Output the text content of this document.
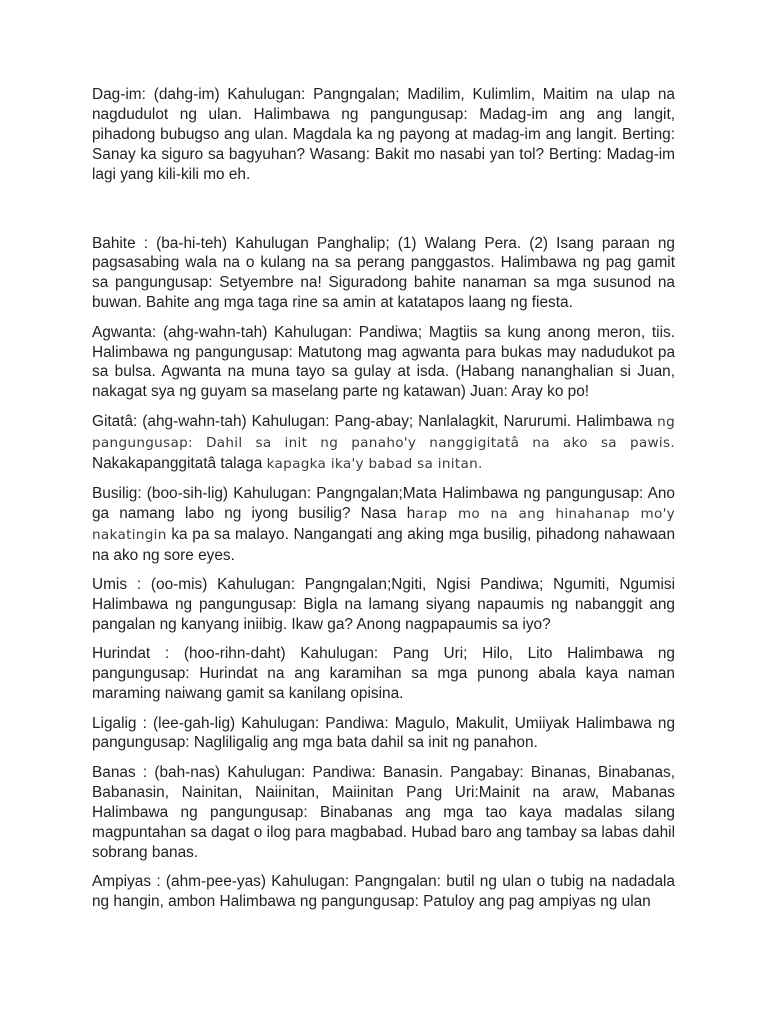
Dag-im: (dahg-im) Kahulugan: Pangngalan; Madilim, Kulimlim, Maitim na ulap na nagdudulot ng ulan. Halimbawa ng pangungusap: Madag-im ang ang langit, pihadong bubugso ang ulan. Magdala ka ng payong at madag-im ang langit. Berting: Sanay ka siguro sa bagyuhan? Wasang: Bakit mo nasabi yan tol? Berting: Madag-im lagi yang kili-kili mo eh.

Bahite : (ba-hi-teh) Kahulugan Panghalip; (1) Walang Pera. (2) Isang paraan ng pagsasabing wala na o kulang na sa perang panggastos. Halimbawa ng pag gamit sa pangungusap: Setyembre na! Siguradong bahite nanaman sa mga susunod na buwan. Bahite ang mga taga rine sa amin at katatapos laang ng fiesta.

Agwanta: (ahg-wahn-tah) Kahulugan: Pandiwa; Magtiis sa kung anong meron, tiis. Halimbawa ng pangungusap: Matutong mag agwanta para bukas may nadudukot pa sa bulsa. Agwanta na muna tayo sa gulay at isda. (Habang nananghalian si Juan, nakagat sya ng guyam sa maselang parte ng katawan) Juan: Aray ko po!

Gitatâ: (ahg-wahn-tah) Kahulugan: Pang-abay; Nanlalagkit, Narurumi. Halimbawa ng pangungusap: Dahil sa init ng panaho'y nanggigitatâ na ako sa pawis. Nakakapanggitatâ talaga kapagka ika'y babad sa initan.

Busilig: (boo-sih-lig) Kahulugan: Pangngalan;Mata Halimbawa ng pangungusap: Ano ga namang labo ng iyong busilig? Nasa harap mo na ang hinahanap mo'y nakatingin ka pa sa malayo. Nangangati ang aking mga busilig, pihadong nahawaan na ako ng sore eyes.

Umis : (oo-mis) Kahulugan: Pangngalan;Ngiti, Ngisi Pandiwa; Ngumiti, Ngumisi Halimbawa ng pangungusap: Bigla na lamang siyang napaumis ng nabanggit ang pangalan ng kanyang iniibig. Ikaw ga? Anong nagpapaumis sa iyo?

Hurindat : (hoo-rihn-daht) Kahulugan: Pang Uri; Hilo, Lito Halimbawa ng pangungusap: Hurindat na ang karamihan sa mga punong abala kaya naman maraming naiwang gamit sa kanilang opisina.

Ligalig : (lee-gah-lig) Kahulugan: Pandiwa: Magulo, Makulit, Umiiyak Halimbawa ng pangungusap: Nagliligalig ang mga bata dahil sa init ng panahon.

Banas : (bah-nas) Kahulugan: Pandiwa: Banasin. Pangabay: Binanas, Binabanas, Babanasin, Nainitan, Naiinitan, Maiinitan Pang Uri:Mainit na araw, Mabanas Halimbawa ng pangungusap: Binabanas ang mga tao kaya madalas silang magpuntahan sa dagat o ilog para magbabad. Hubad baro ang tambay sa labas dahil sobrang banas.

Ampiyas : (ahm-pee-yas) Kahulugan: Pangngalan: butil ng ulan o tubig na nadadala ng hangin, ambon Halimbawa ng pangungusap: Patuloy ang pag ampiyas ng ulan
